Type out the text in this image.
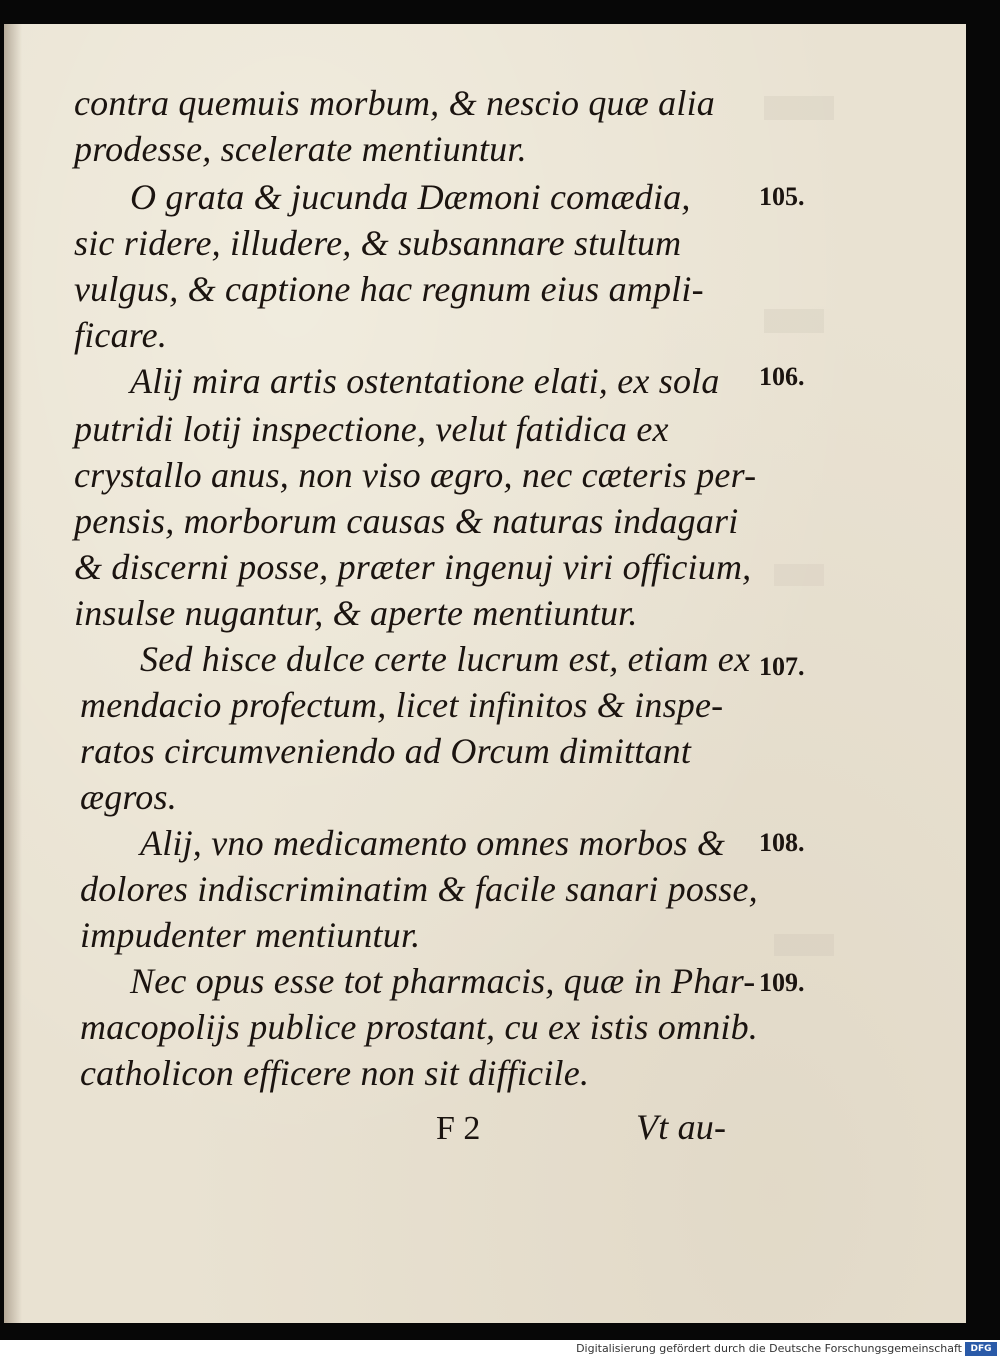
contra quemuis morbum, & nescio quæ alia
prodesse, scelerate mentiuntur.
O grata & jucunda Dæmoni comædia,
sic ridere, illudere, & subsannare stultum
vulgus, & captione hac regnum eius ampli-
ficare.
Alij mira artis ostentatione elati, ex sola
putridi lotij inspectione, velut fatidica ex
crystallo anus, non viso ægro, nec cæteris per-
pensis, morborum causas & naturas indagari
& discerni posse, præter ingenuj viri officium,
insulse nugantur, & aperte mentiuntur.
Sed hisce dulce certe lucrum est, etiam ex
mendacio profectum, licet infinitos & inspe-
ratos circumveniendo ad Orcum dimittant
ægros.
Alij, vno medicamento omnes morbos &
dolores indiscriminatim & facile sanari posse,
impudenter mentiuntur.
Nec opus esse tot pharmacis, quæ in Phar-
macopolijs publice prostant, cu ex istis omnib.
catholicon efficere non sit difficile.
105.
106.
107.
108.
109.
F 2	Vt au-
Digitalisierung gefördert durch die Deutsche Forschungsgemeinschaft DFG
